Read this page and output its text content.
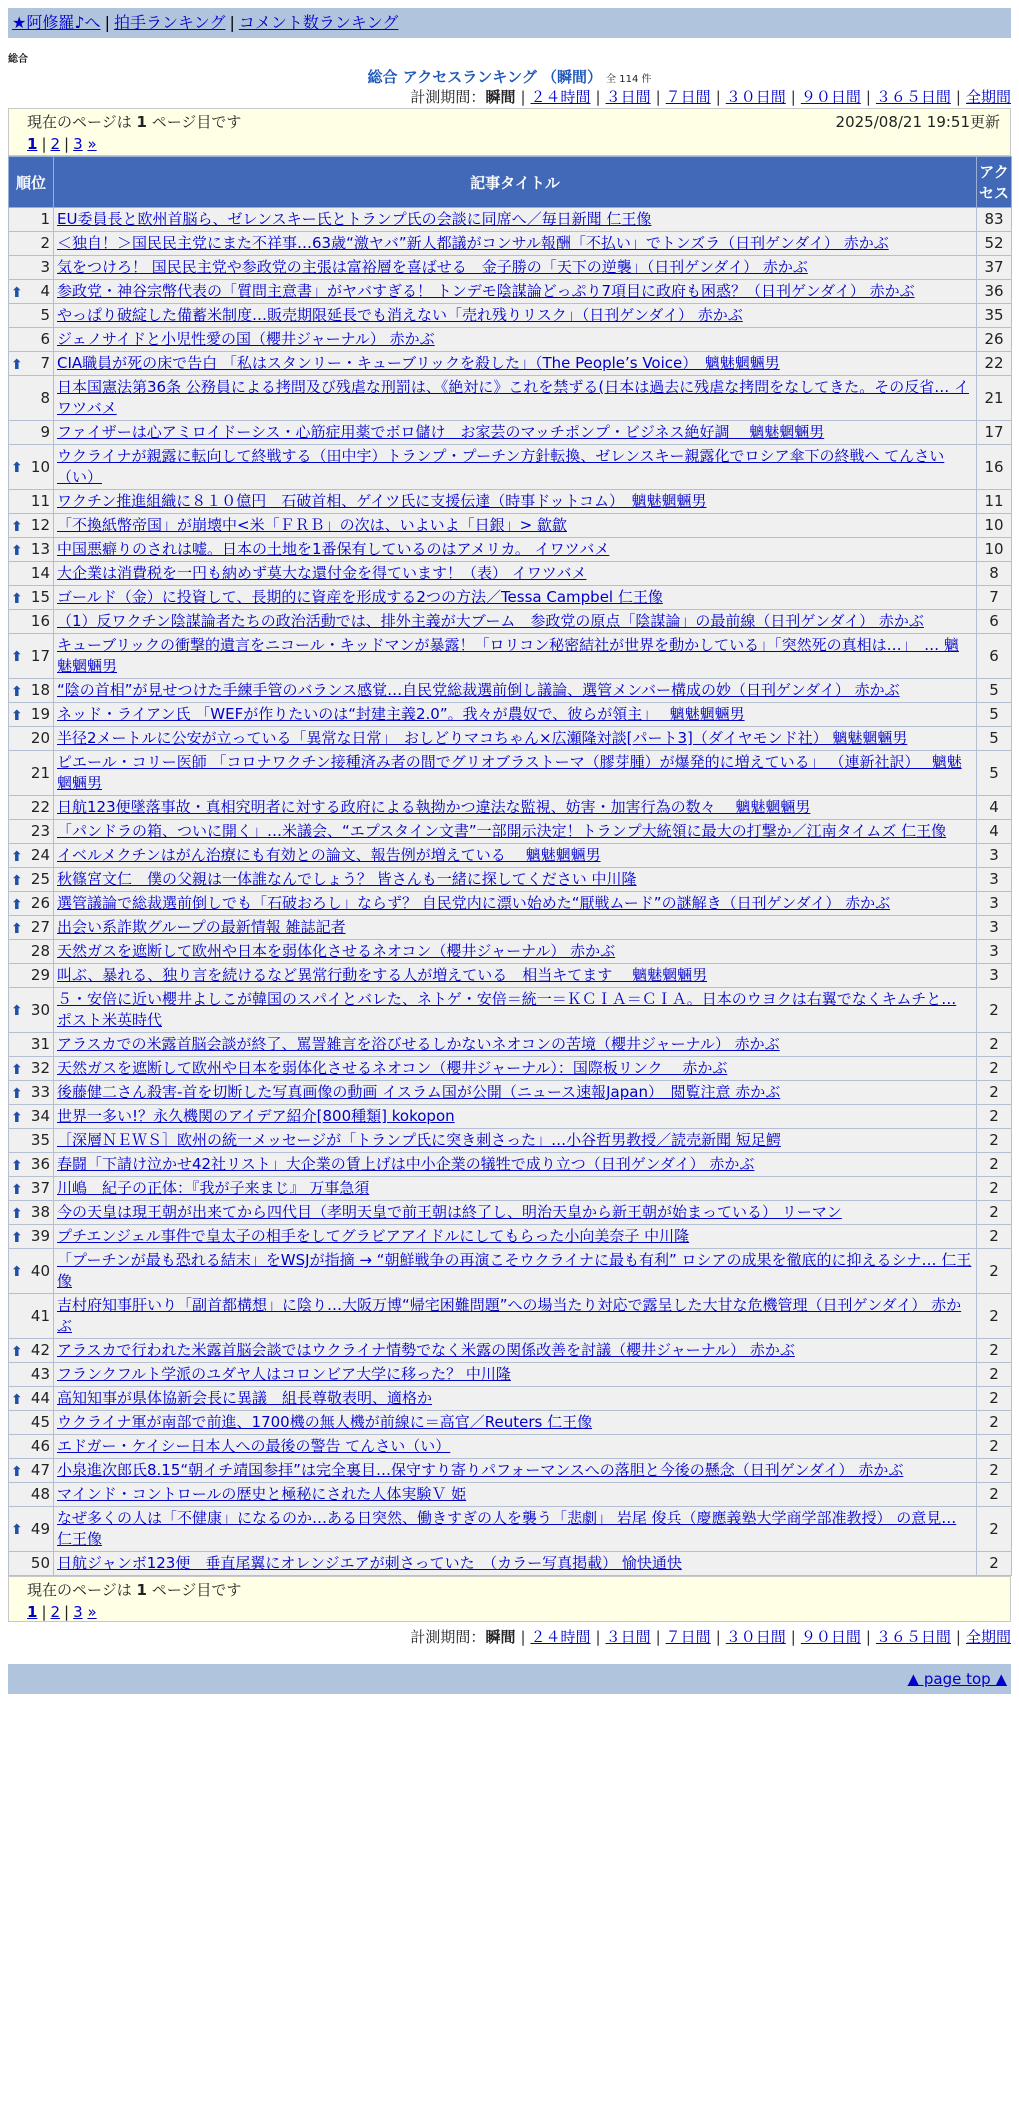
★阿修羅♪へ | 拍手ランキング | コメント数ランキング
総合
総合 アクセスランキング （瞬間） 全 114 件
計測期間：瞬間 | ２４時間 | ３日間 | ７日間 | ３０日間 | ９０日間 | ３６５日間 | 全期間
現在のページは 1 ページ目です	2025/08/21 19:51更新
1 | 2 | 3 »
順位	記事タイトル	アクセス
1	EU委員長と欧州首脳ら、ゼレンスキー氏とトランプ氏の会談に同席へ／毎日新聞 仁王像	83
2	＜独自！＞国民民主党にまた不祥事…63歳“激ヤバ”新人都議がコンサル報酬「不払い」でトンズラ（日刊ゲンダイ） 赤かぶ	52
3	気をつけろ！ 国民民主党や参政党の主張は富裕層を喜ばせる　金子勝の「天下の逆襲」（日刊ゲンダイ） 赤かぶ	37

⬆ 4	参政党・神谷宗幣代表の「質問主意書」がヤバすぎる！ トンデモ陰謀論どっぷり7項目に政府も困惑？（日刊ゲンダイ） 赤かぶ	36
5	やっぱり破綻した備蓄米制度…販売期限延長でも消えない「売れ残りリスク」（日刊ゲンダイ） 赤かぶ	35
6	ジェノサイドと小児性愛の国（櫻井ジャーナル） 赤かぶ	26

⬆ 7	CIA職員が死の床で告白 「私はスタンリー・キューブリックを殺した」（The People’s Voice）　魑魅魍魎男	22
8	日本国憲法第36条 公務員による拷問及び残虐な刑罰は、《絶対に》これを禁ずる(日本は過去に残虐な拷問をなしてきた。その反省… イワツバメ	21
9	ファイザーは心アミロイドーシス・心筋症用薬でボロ儲け　お家芸のマッチポンプ・ビジネス絶好調　 魑魅魍魎男	17

⬆ 10	ウクライナが親露に転向して終戦する（田中宇）トランプ・プーチン方針転換、ゼレンスキー親露化でロシア傘下の終戦へ てんさい（い）	16
11	ワクチン推進組織に８１０億円　石破首相、ゲイツ氏に支援伝達（時事ドットコム）　魑魅魍魎男	11

⬆ 12	「不換紙幣帝国」が崩壊中<米「ＦＲＢ」の次は、いよいよ「日銀」> 歙歙	10

⬆ 13	中国悪癖りのされは嘘。日本の土地を1番保有しているのはアメリカ。 イワツバメ	10
14	大企業は消費税を一円も納めず莫大な還付金を得ています！（表） イワツバメ	8

⬆ 15	ゴールド（金）に投資して、長期的に資産を形成する2つの方法／Tessa Campbel 仁王像	7
16	（1）反ワクチン陰謀論者たちの政治活動では、排外主義が大ブーム　参政党の原点「陰謀論」の最前線（日刊ゲンダイ） 赤かぶ	6

⬆ 17	キューブリックの衝撃的遺言をニコール・キッドマンが暴露！「ロリコン秘密結社が世界を動かしている」「突然死の真相は…」　… 魑魅魍魎男	6

⬆ 18	“陰の首相”が見せつけた手練手管のバランス感覚…自民党総裁選前倒し議論、選管メンバー構成の妙（日刊ゲンダイ） 赤かぶ	5

⬆ 19	ネッド・ライアン氏 「WEFが作りたいのは“封建主義2.0”。我々が農奴で、彼らが領主」　 魑魅魍魎男	5
20	半径2メートルに公安が立っている「異常な日常」　おしどりマコちゃん×広瀬隆対談[パート3]（ダイヤモンド社） 魑魅魍魎男	5
21	ピエール・コリー医師 「コロナワクチン接種済み者の間でグリオブラストーマ（膠芽腫）が爆発的に増えている」 （連新社訳）　 魑魅魍魎男	5
22	日航123便墜落事故・真相究明者に対する政府による執拗かつ違法な監視、妨害・加害行為の数々　 魑魅魍魎男	4
23	「パンドラの箱、ついに開く」…米議会、“エプスタイン文書”一部開示決定！トランプ大統領に最大の打撃か／江南タイムズ 仁王像	4

⬆ 24	イベルメクチンはがん治療にも有効との論文、報告例が増えている　 魑魅魍魎男	3

⬆ 25	秋篠宮文仁　僕の父親は一体誰なんでしょう？ 皆さんも一緒に探してください 中川隆	3

⬆ 26	選管議論で総裁選前倒しでも「石破おろし」ならず？ 自民党内に漂い始めた“厭戦ムード”の謎解き（日刊ゲンダイ） 赤かぶ	3

⬆ 27	出会い系詐欺グループの最新情報 雑誌記者	3
28	天然ガスを遮断して欧州や日本を弱体化させるネオコン（櫻井ジャーナル） 赤かぶ	3
29	叫ぶ、暴れる、独り言を続けるなど異常行動をする人が増えている　相当キてます　 魑魅魍魎男	3

⬆ 30	５・安倍に近い櫻井よしこが韓国のスパイとバレた、ネトゲ・安倍＝統一＝ＫＣＩＡ＝ＣＩＡ。日本のウヨクは右翼でなくキムチと… ポスト米英時代	2
31	アラスカでの米露首脳会談が終了、罵詈雑言を浴びせるしかないネオコンの苦境（櫻井ジャーナル） 赤かぶ	2

⬆ 32	天然ガスを遮断して欧州や日本を弱体化させるネオコン（櫻井ジャーナル）：国際板リンク　 赤かぶ	2

⬆ 33	後藤健二さん殺害-首を切断した写真画像の動画 イスラム国が公開（ニュース速報Japan）　閲覧注意 赤かぶ	2

⬆ 34	世界一多い!？永久機関のアイデア紹介[800種類] kokopon	2
35	［深層ＮＥＷＳ］欧州の統一メッセージが「トランプ氏に突き刺さった」…小谷哲男教授／読売新聞 短足鰐	2

⬆ 36	春闘「下請け泣かせ42社リスト」大企業の賃上げは中小企業の犠牲で成り立つ（日刊ゲンダイ） 赤かぶ	2

⬆ 37	川嶋　紀子の正体：『我が子来まじ』 万事急須	2

⬆ 38	今の天皇は現王朝が出来てから四代目（孝明天皇で前王朝は終了し、明治天皇から新王朝が始まっている） リーマン	2

⬆ 39	プチエンジェル事件で皇太子の相手をしてグラビアアイドルにしてもらった小向美奈子 中川隆	2

⬆ 40	「プーチンが最も恐れる結末」をWSJが指摘 → “朝鮮戦争の再演こそウクライナに最も有利” ロシアの成果を徹底的に抑えるシナ… 仁王像	2
41	吉村府知事肝いり「副首都構想」に陰り…大阪万博“帰宅困難問題”への場当たり対応で露呈した大甘な危機管理（日刊ゲンダイ） 赤かぶ	2

⬆ 42	アラスカで行われた米露首脳会談ではウクライナ情勢でなく米露の関係改善を討議（櫻井ジャーナル） 赤かぶ	2
43	フランクフルト学派のユダヤ人はコロンビア大学に移った？ 中川隆	2

⬆ 44	高知知事が県体協新会長に異議　組長尊敬表明、適格か	2
45	ウクライナ軍が南部で前進、1700機の無人機が前線に＝高官／Reuters 仁王像	2
46	エドガー・ケイシー日本人への最後の警告 てんさい（い）	2

⬆ 47	小泉進次郎氏8.15“朝イチ靖国参拝”は完全裏目…保守すり寄りパフォーマンスへの落胆と今後の懸念（日刊ゲンダイ） 赤かぶ	2
48	マインド・コントロールの歴史と極秘にされた人体実験Ｖ 姫	2

⬆ 49	なぜ多くの人は「不健康」になるのか…ある日突然、働きすぎの人を襲う「悲劇」 岩尾 俊兵（慶應義塾大学商学部准教授） の意見… 仁王像	2
50	日航ジャンボ123便　垂直尾翼にオレンジエアが刺さっていた　（カラー写真掲載） 愉快通快	2
現在のページは 1 ページ目です
1 | 2 | 3 »
計測期間：瞬間 | ２４時間 | ３日間 | ７日間 | ３０日間 | ９０日間 | ３６５日間 | 全期間
▲ page top ▲
